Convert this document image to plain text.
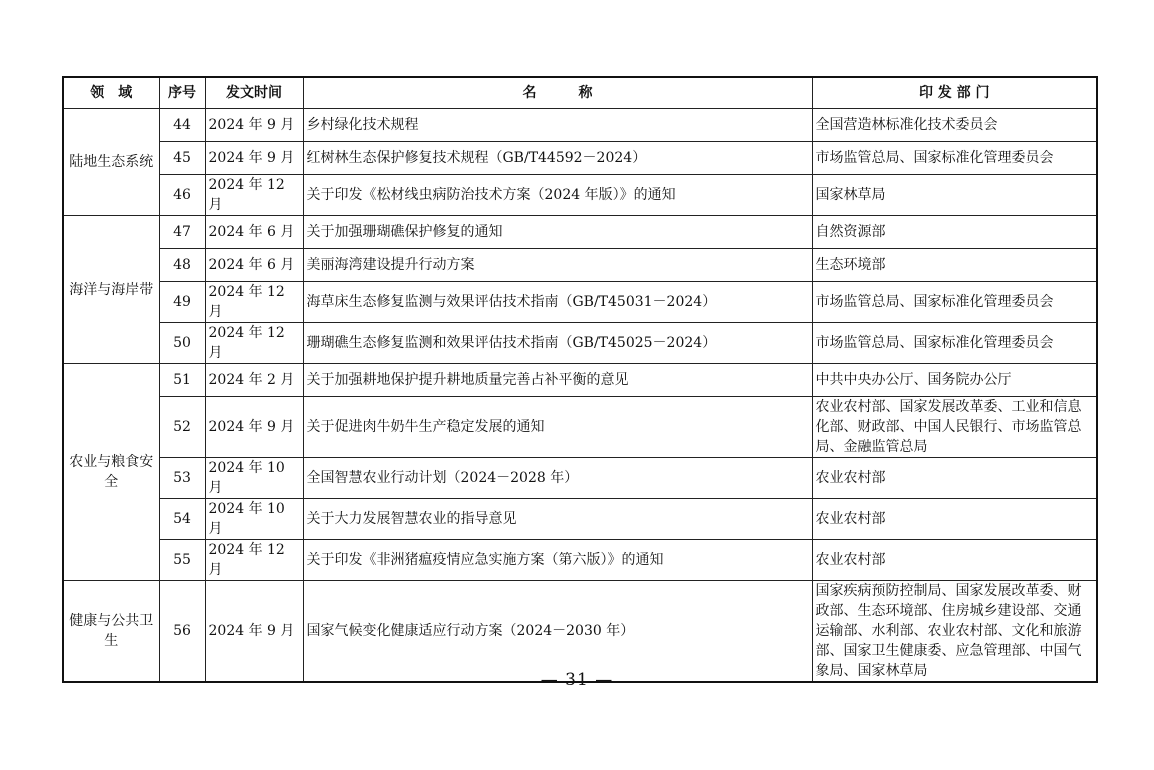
领　域	序号	发文时间	名　　　称	印 发 部 门
陆地生态系统	44	2024 年 9 月	乡村绿化技术规程	全国营造林标准化技术委员会
	45	2024 年 9 月	红树林生态保护修复技术规程（GB/T44592－2024）	市场监管总局、国家标准化管理委员会
	46	2024 年 12 月	关于印发《松材线虫病防治技术方案（2024 年版）》的通知	国家林草局
海洋与海岸带	47	2024 年 6 月	关于加强珊瑚礁保护修复的通知	自然资源部
	48	2024 年 6 月	美丽海湾建设提升行动方案	生态环境部
	49	2024 年 12 月	海草床生态修复监测与效果评估技术指南（GB/T45031－2024）	市场监管总局、国家标准化管理委员会
	50	2024 年 12 月	珊瑚礁生态修复监测和效果评估技术指南（GB/T45025－2024）	市场监管总局、国家标准化管理委员会
农业与粮食安全	51	2024 年 2 月	关于加强耕地保护提升耕地质量完善占补平衡的意见	中共中央办公厅、国务院办公厅
	52	2024 年 9 月	关于促进肉牛奶牛生产稳定发展的通知	农业农村部、国家发展改革委、工业和信息化部、财政部、中国人民银行、市场监管总局、金融监管总局
	53	2024 年 10 月	全国智慧农业行动计划（2024－2028 年）	农业农村部
	54	2024 年 10 月	关于大力发展智慧农业的指导意见	农业农村部
	55	2024 年 12 月	关于印发《非洲猪瘟疫情应急实施方案（第六版）》的通知	农业农村部
健康与公共卫生	56	2024 年 9 月	国家气候变化健康适应行动方案（2024－2030 年）	国家疾病预防控制局、国家发展改革委、财政部、生态环境部、住房城乡建设部、交通运输部、水利部、农业农村部、文化和旅游部、国家卫生健康委、应急管理部、中国气象局、国家林草局
— 31 —
